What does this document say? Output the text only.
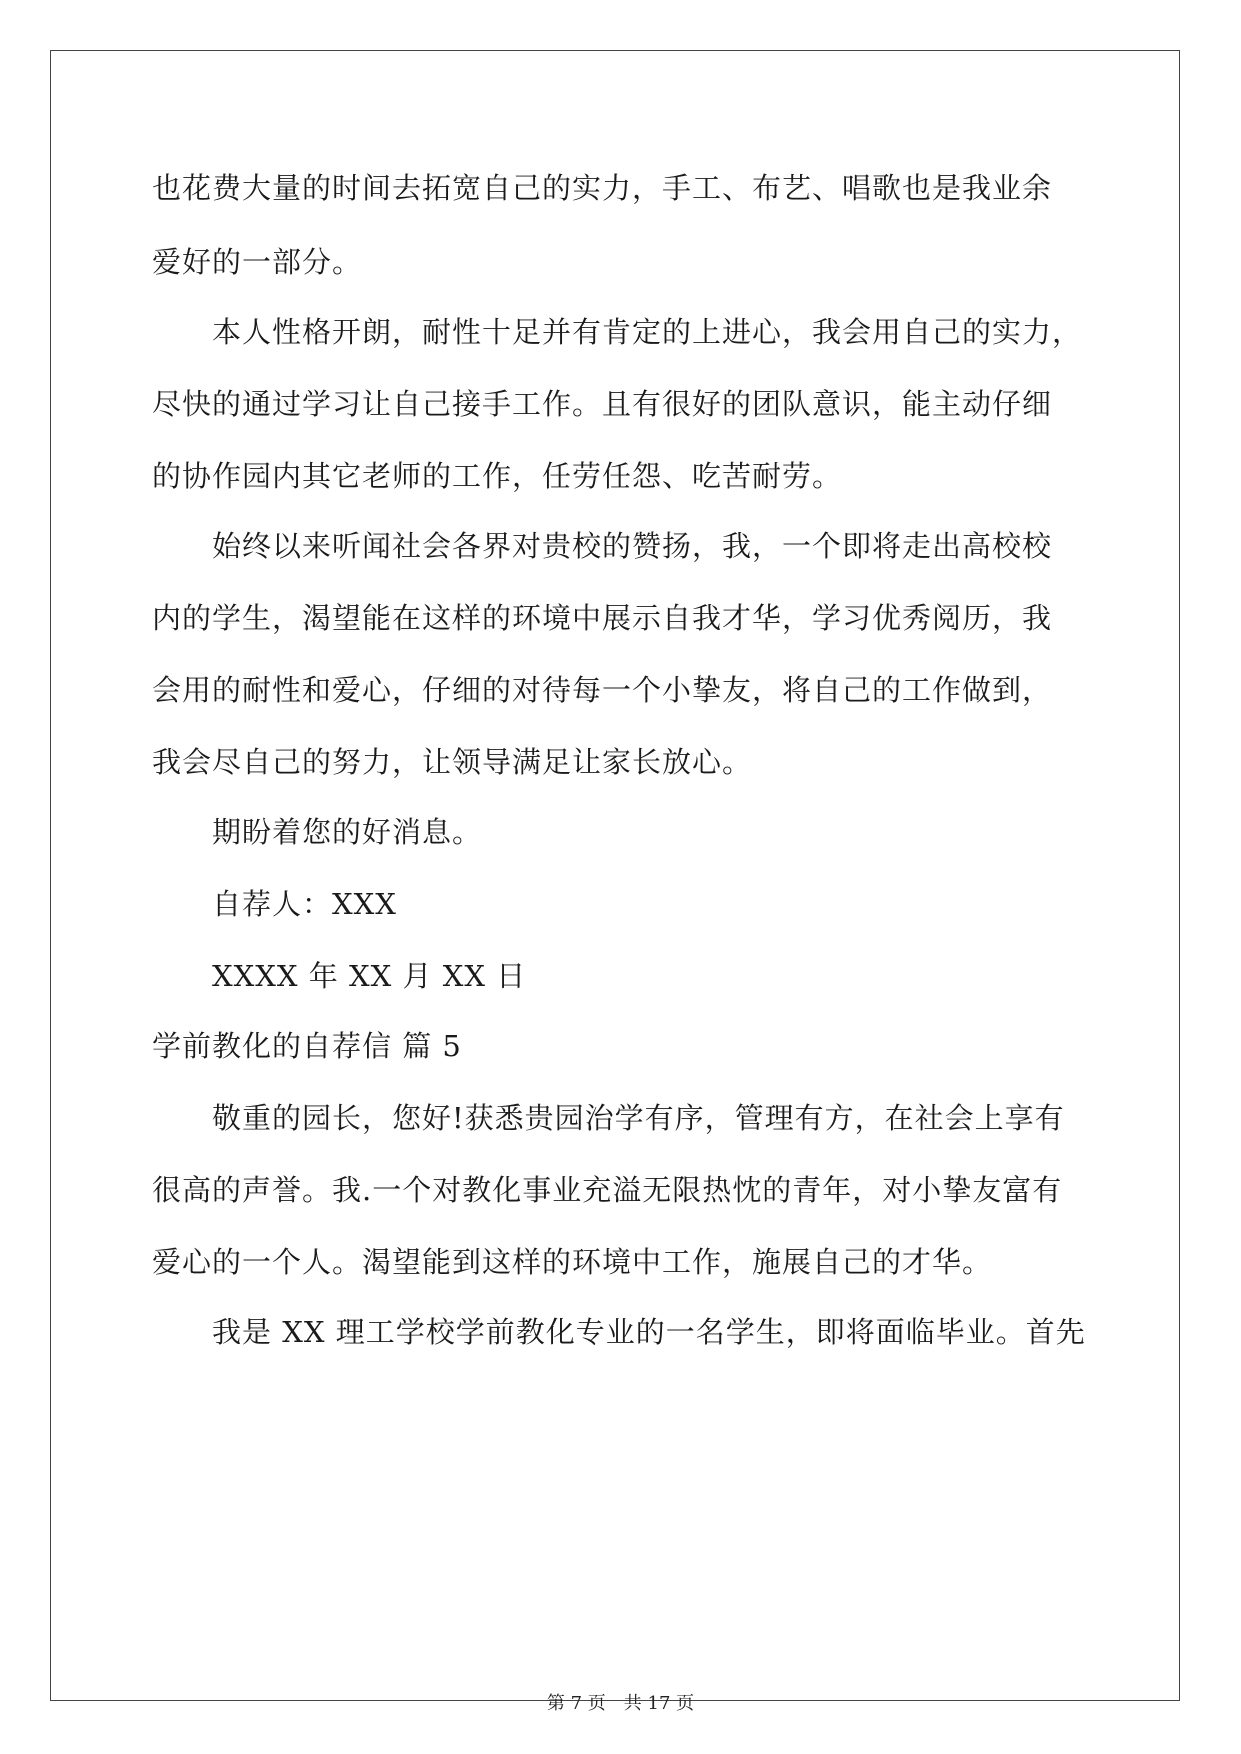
也花费大量的时间去拓宽自己的实力，手工、布艺、唱歌也是我业余
爱好的一部分。
本人性格开朗，耐性十足并有肯定的上进心，我会用自己的实力，
尽快的通过学习让自己接手工作。且有很好的团队意识，能主动仔细
的协作园内其它老师的工作，任劳任怨、吃苦耐劳。
始终以来听闻社会各界对贵校的赞扬，我，一个即将走出高校校
内的学生，渴望能在这样的环境中展示自我才华，学习优秀阅历，我
会用的耐性和爱心，仔细的对待每一个小挚友，将自己的工作做到，
我会尽自己的努力，让领导满足让家长放心。
期盼着您的好消息。
自荐人：XXX
XXXX 年 XX 月 XX 日
学前教化的自荐信 篇 5
敬重的园长，您好!获悉贵园治学有序，管理有方，在社会上享有
很高的声誉。我.一个对教化事业充溢无限热忱的青年，对小挚友富有
爱心的一个人。渴望能到这样的环境中工作，施展自己的才华。
我是 XX 理工学校学前教化专业的一名学生，即将面临毕业。首先
第 7 页　共 17 页
